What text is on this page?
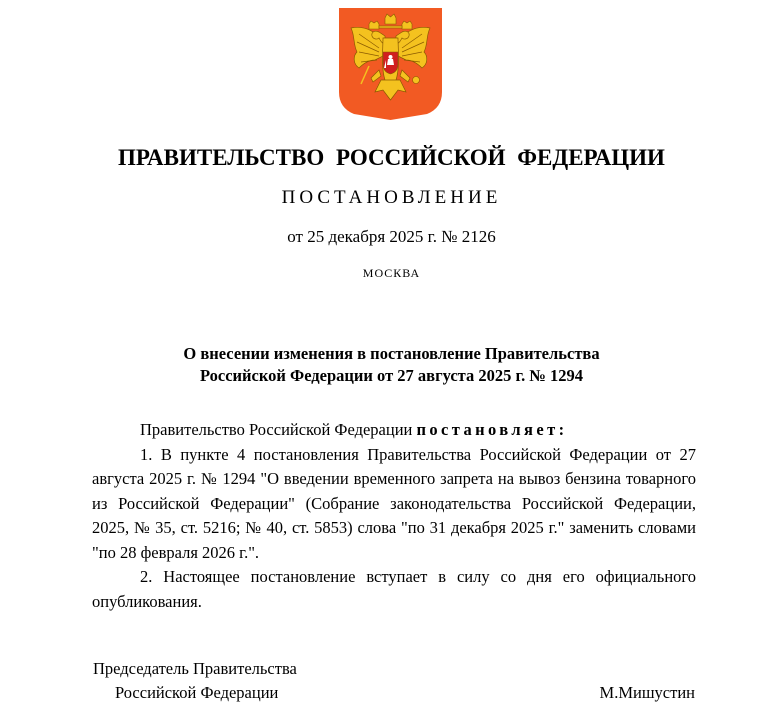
ПРАВИТЕЛЬСТВО РОССИЙСКОЙ ФЕДЕРАЦИИ
ПОСТАНОВЛЕНИЕ
от 25 декабря 2025 г. № 2126
МОСКВА
О внесении изменения в постановление Правительства
Российской Федерации от 27 августа 2025 г. № 1294

Правительство Российской Федерации постановляет:

1. В пункте 4 постановления Правительства Российской Федерации от 27 августа 2025 г. № 1294 "О введении временного запрета на вывоз бензина товарного из Российской Федерации" (Собрание законодательства Российской Федерации, 2025, № 35, ст. 5216; № 40, ст. 5853) слова "по 31 декабря 2025 г." заменить словами "по 28 февраля 2026 г.".

2. Настоящее постановление вступает в силу со дня его официального опубликования.

Председатель Правительства
Российской Федерации	М.Мишустин
